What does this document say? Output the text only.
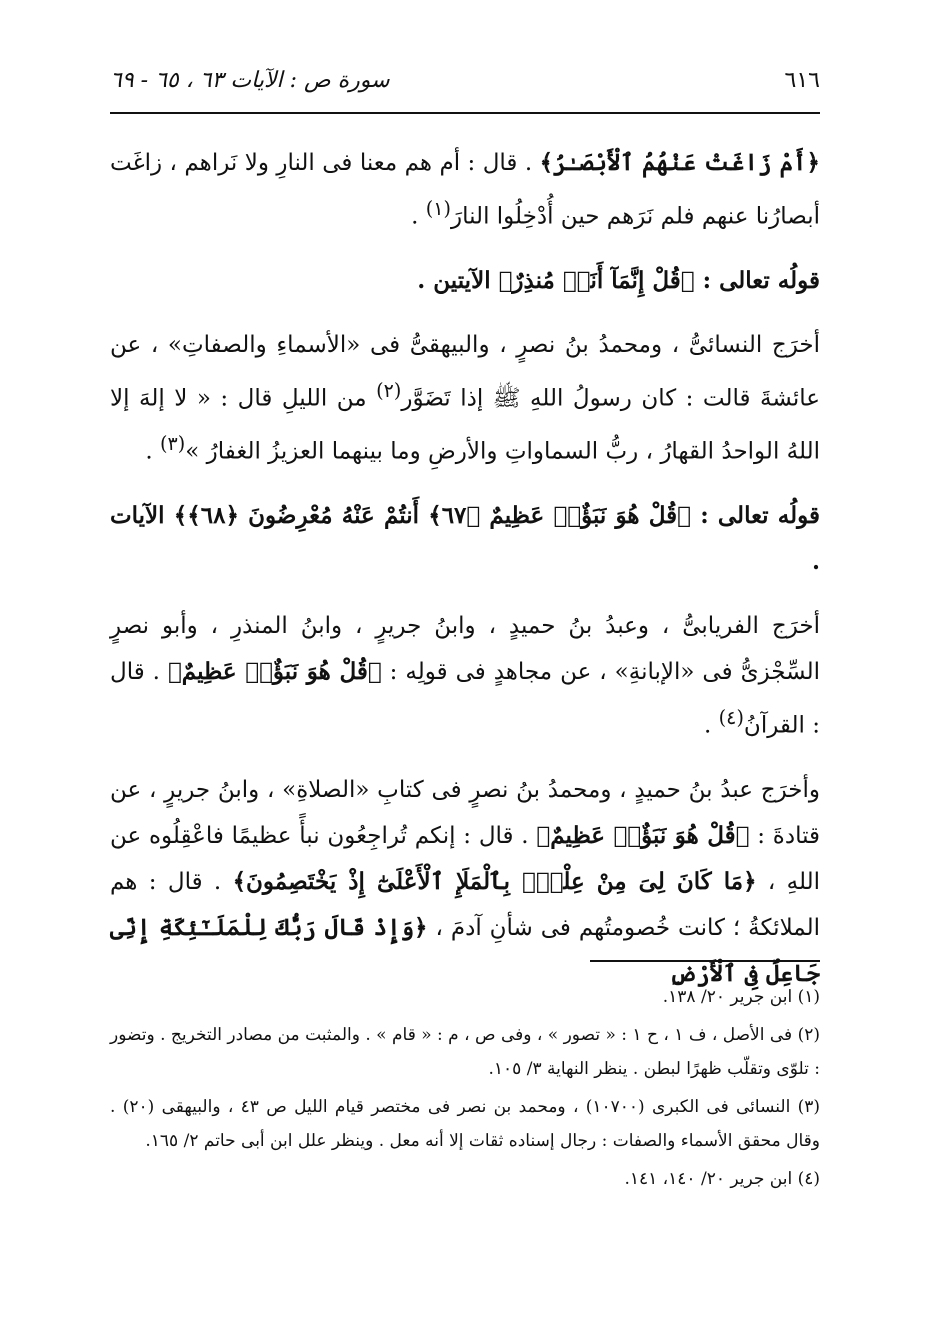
٦١٦
سورة ص : الآيات ٦٣ ، ٦٥ - ٦٩

﴿أَمْ زَاغَتْ عَنْهُمُ ٱلْأَبْصَـٰرُ﴾ . قال : أم هم معنا فى النارِ ولا نَراهم ، زاغَت أبصارُنا عنهم فلم نَرَهم حين أُدْخِلُوا النارَ$^{(١)}$ .

قولُه تعالى : ﴿قُلْ إِنَّمَآ أَنَا۠ مُنذِرٌ﴾ الآيتين .

أخرَج النسائىُّ ، ومحمدُ بنُ نصرٍ ، والبيهقىُّ فى «الأسماءِ والصفاتِ» ، عن عائشةَ قالت : كان رسولُ اللهِ ﷺ إذا تَضَوَّر$^{(٢)}$ من الليلِ قال : « لا إلهَ إلا اللهُ الواحدُ القهارُ ، ربُّ السماواتِ والأرضِ وما بينهما العزيزُ الغفارُ »$^{(٣)}$ .

قولُه تعالى : ﴿قُلْ هُوَ نَبَؤٌا۟ عَظِيمٌ ﴿٦٧﴾ أَنتُمْ عَنْهُ مُعْرِضُونَ ﴿٦٨﴾﴾ الآيات .

أخرَج الفريابىُّ ، وعبدُ بنُ حميدٍ ، وابنُ جريرٍ ، وابنُ المنذرِ ، وأبو نصرٍ السِّجْزىُّ فى «الإبانةِ» ، عن مجاهدٍ فى قولِه : ﴿قُلْ هُوَ نَبَؤٌا۟ عَظِيمٌ﴾ . قال : القرآنُ$^{(٤)}$ .

وأخرَج عبدُ بنُ حميدٍ ، ومحمدُ بنُ نصرٍ فى كتابِ «الصلاةِ» ، وابنُ جريرٍ ، عن قتادةَ : ﴿قُلْ هُوَ نَبَؤٌا۟ عَظِيمٌ﴾ . قال : إنكم تُراجِعُون نبأً عظيمًا فاعْقِلُوه عن اللهِ ، ﴿مَا كَانَ لِىَ مِنْ عِلْمٍۭ بِٱلْمَلَإِ ٱلْأَعْلَىٰٓ إِذْ يَخْتَصِمُونَ﴾ . قال : هم الملائكةُ ؛ كانت خُصومتُهم فى شأنِ آدمَ ، ﴿وَإِذْ قَالَ رَبُّكَ لِلْمَلَـٰٓئِكَةِ إِنِّى جَاعِلٌ فِى ٱلْأَرْضِ

(١) ابن جرير ٢٠/ ١٣٨.

(٢) فى الأصل ، ف ١ ، ح ١ : « تصور » ، وفى ص ، م : « قام » . والمثبت من مصادر التخريج . وتضور : تلوّى وتقلّب ظهرًا لبطن . ينظر النهاية ٣/ ١٠٥.

(٣) النسائى فى الكبرى (١٠٧٠٠) ، ومحمد بن نصر فى مختصر قيام الليل ص ٤٣ ، والبيهقى (٢٠) . وقال محقق الأسماء والصفات : رجال إسناده ثقات إلا أنه معل . وينظر علل ابن أبى حاتم ٢/ ١٦٥.

(٤) ابن جرير ٢٠/ ١٤٠، ١٤١.
